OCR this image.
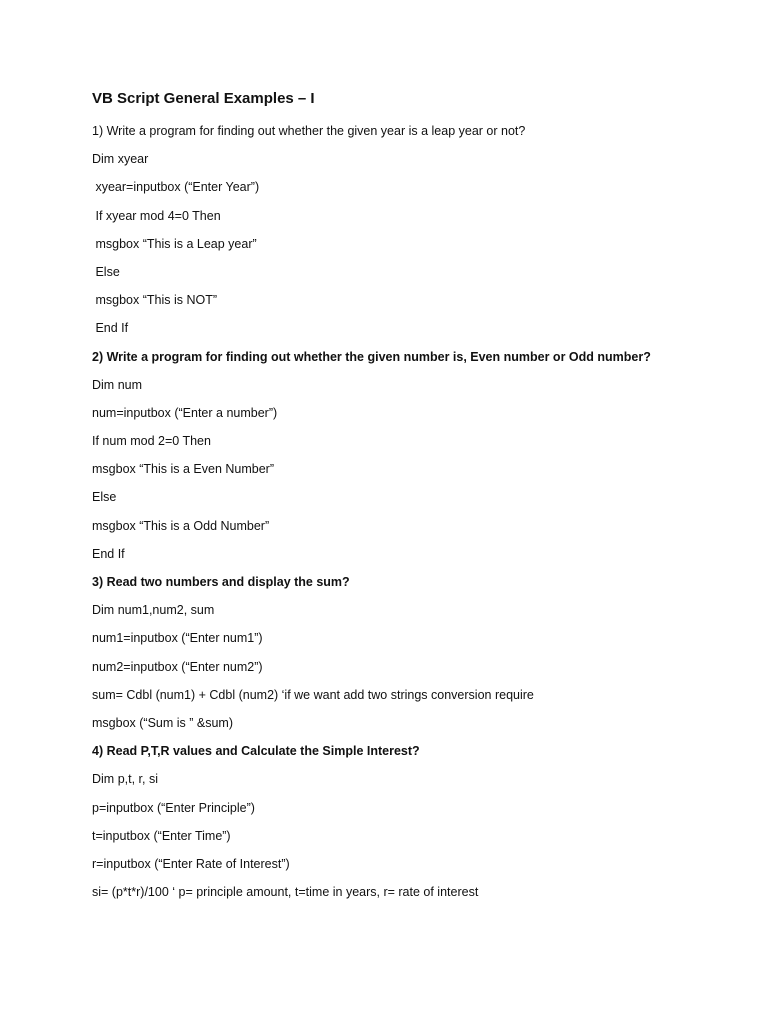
VB Script General Examples – I
1) Write a program for finding out whether the given year is a leap year or not?
Dim xyear
xyear=inputbox (“Enter Year”)
If xyear mod 4=0 Then
msgbox “This is a Leap year”
Else
msgbox “This is NOT”
End If
2) Write a program for finding out whether the given number is, Even number or Odd number?
Dim num
num=inputbox (“Enter a number”)
If num mod 2=0 Then
msgbox “This is a Even Number”
Else
msgbox “This is a Odd Number”
End If
3) Read two numbers and display the sum?
Dim num1,num2, sum
num1=inputbox (“Enter num1”)
num2=inputbox (“Enter num2”)
sum= Cdbl (num1) + Cdbl (num2) ‘if we want add two strings conversion require
msgbox (“Sum is ” &sum)
4) Read P,T,R values and Calculate the Simple Interest?
Dim p,t, r, si
p=inputbox (“Enter Principle”)
t=inputbox (“Enter Time”)
r=inputbox (“Enter Rate of Interest”)
si= (p*t*r)/100 ‘ p= principle amount, t=time in years, r= rate of interest
